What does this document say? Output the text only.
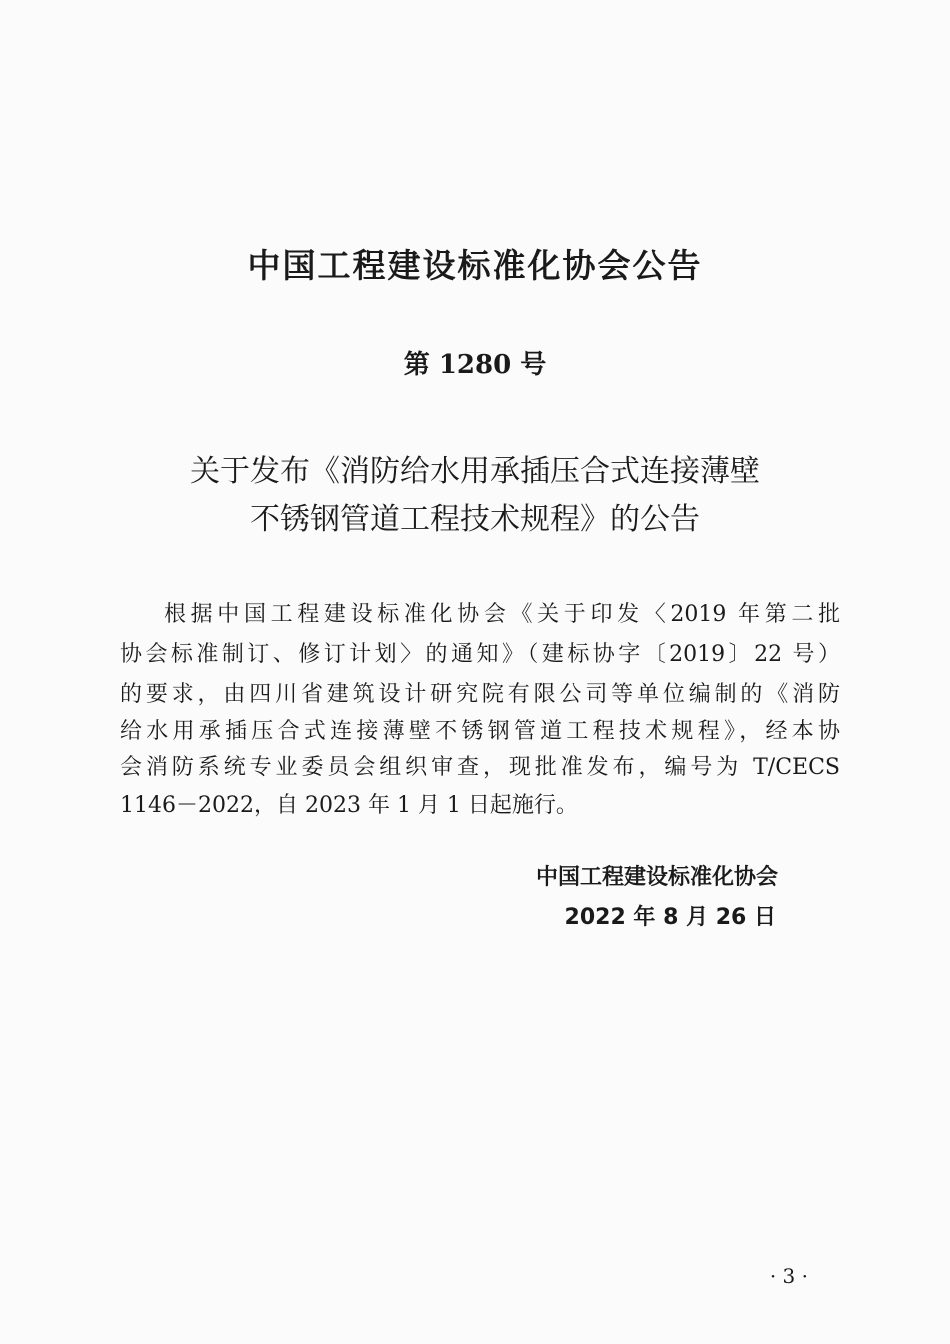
中国工程建设标准化协会公告
第 1280 号
关于发布《消防给水用承插压合式连接薄壁
不锈钢管道工程技术规程》的公告
根据中国工程建设标准化协会《关于印发〈2019 年第二批
协会标准制订、修订计划〉的通知》（建标协字〔2019〕22 号）
的要求，由四川省建筑设计研究院有限公司等单位编制的《消防
给水用承插压合式连接薄壁不锈钢管道工程技术规程》，经本协
会消防系统专业委员会组织审查，现批准发布，编号为 T/CECS
1146－2022，自 2023 年 1 月 1 日起施行。
中国工程建设标准化协会
2022 年 8 月 26 日
· 3 ·
